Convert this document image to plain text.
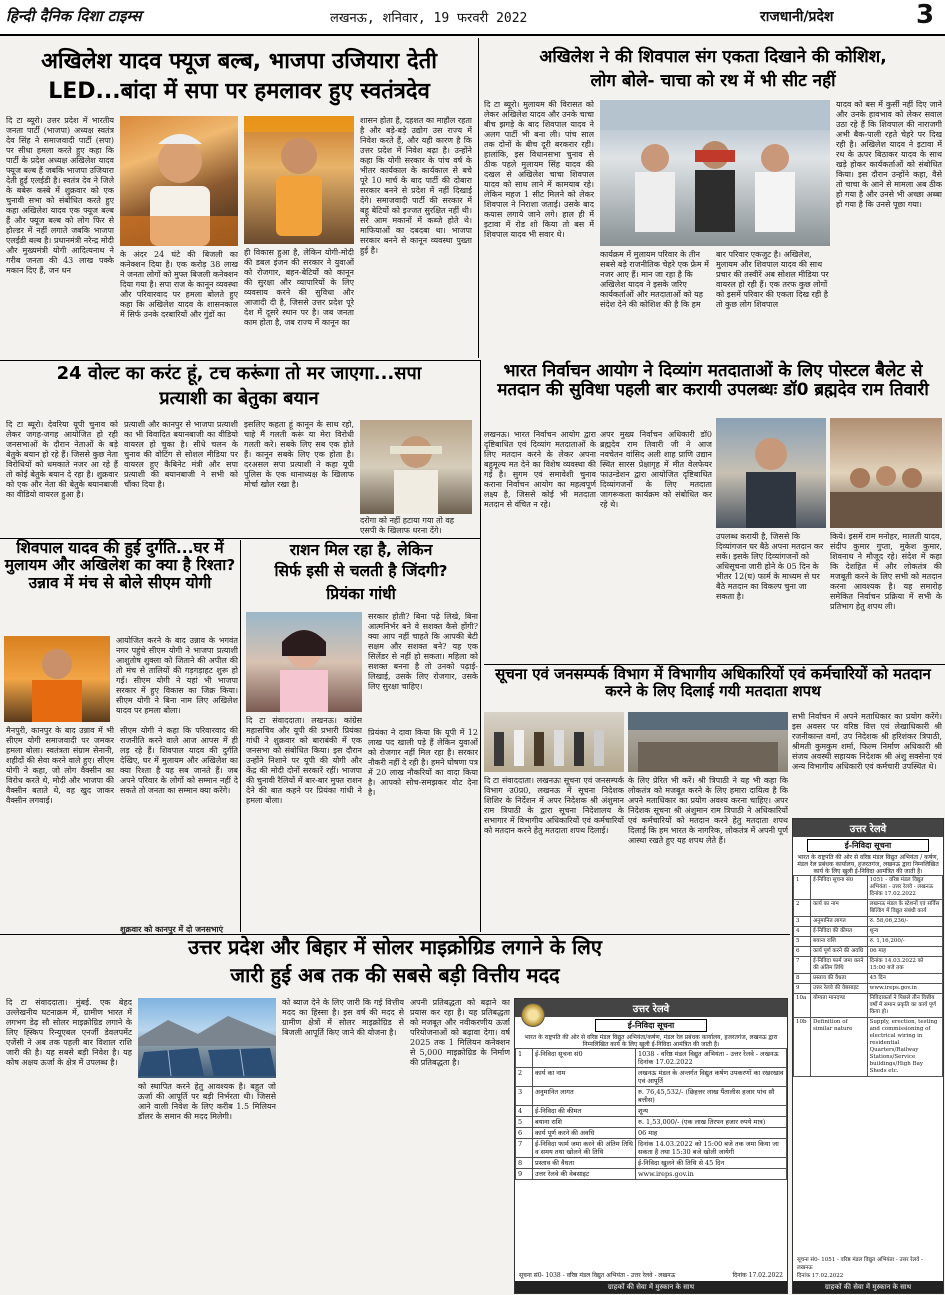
हिन्दी दैनिक दिशा टाइम्स	लखनऊ, शनिवार, 19 फरवरी 2022	राजधानी/प्रदेश	3
अखिलेश यादव फ्यूज बल्ब, भाजपा उजियारा देती
LED...बांदा में सपा पर हमलावर हुए स्वतंत्रदेव
दि टा ब्यूरो। उत्तर प्रदेश में भारतीय जनता पार्टी (भाजपा) अध्यक्ष स्वतंत्र देव सिंह ने समाजवादी पार्टी (सपा) पर सीधा हमला करते हुए कहा कि पार्टी के प्रदेश अध्यक्ष अखिलेश यादव फ्यूज बल्ब हैं जबकि भाजपा उजियारा देती हुई एलईडी है। स्वतंत्र देव ने जिले के बबेरू कस्बे में शुक्रवार को एक चुनावी सभा को संबोधित करते हुए कहा अखिलेश यादव एक फ्यूज बल्ब हैं और फ्यूज बल्ब को लोग फिर से होल्डर में नहीं लगाते जबकि भाजपा एलईडी बल्ब है। प्रधानमंत्री नरेन्द्र मोदी और मुख्यमंत्री योगी आदित्यनाथ ने गरीब जनता की 43 लाख पक्के मकान दिए हैं, जन धन
के अंदर 24 घंटे की बिजली का कनेक्शन दिया है। एक करोड़ 38 लाख ने जनता लोगों को मुफ्त बिजली कनेक्शन दिया गया है। सपा राज के कानून व्यवस्था और परिवारवाद पर हमला बोलते हुए कहा कि अखिलेश यादव के शासनकाल में सिर्फ उनके दरबारियों और गुंडों का
ही विकास हुआ है, लेकिन योगी-मोदी की डबल इंजन की सरकार ने युवाओं को रोजगार, बहन-बेटियों को कानून की सुरक्षा और व्यापारियों के लिए व्यवसाय करने की सुविधा और आजादी दी है, जिससे उत्तर प्रदेश पूरे देश में दूसरे स्थान पर है। जब जनता काम होता है, जब राज्य में कानून का
शासन होता है, दहशत का माहौल रहता है और बड़े-बड़े उद्योग उस राज्य में निवेश करते हैं, और यही कारण है कि उत्तर प्रदेश में निवेश बढ़ा है। उन्होंने कहा कि योगी सरकार के पांच वर्ष के भीतर कार्यकाल के कार्यकाल से बचे पूरे 10 मार्च के बाद पार्टी की दोबारा सरकार बनने से प्रदेश में नहीं दिखाई देंगे। समाजवादी पार्टी की सरकार में बहू बेटियों को इज्जत सुरक्षित नहीं थी। सरे आम मकानों में कब्जे होते थे। माफियाओं का दबदबा था। भाजपा सरकार बनने से कानून व्यवस्था पुख्ता हुई है।
अखिलेश ने की शिवपाल संग एकता दिखाने की कोशिश,
लोग बोले- चाचा को रथ में भी सीट नहीं
दि टा ब्यूरो। मुलायम की विरासत को लेकर अखिलेश यादव और उनके चाचा बीच झगड़े के बाद शिवपाल यादव ने अलग पार्टी भी बना ली। पांच साल तक दोनों के बीच दूरी बरकरार रही। हालांकि, इस विधानसभा चुनाव से ठीक पहले मुलायम सिंह यादव की दखल से अखिलेश चाचा शिवपाल यादव को साथ लाने में कामयाब रहे। लेकिन महज 1 सीट मिलने को लेकर शिवपाल ने निराशा जताई। उसके बाद कयास लगाये जाने लगे। हाल ही में इटावा में रोड शो किया तो बस में शिवपाल यादव भी सवार थे।
कार्यक्रम में मुलायम परिवार के तीन सबसे बड़े राजनीतिक चेहरे एक फ्रेम में नजर आए हैं। मान जा रहा है कि अखिलेश यादव ने इसके जरिए कार्यकर्ताओं और मतदाताओं को यह संदेश देने की कोशिश की है कि हम
बार परिवार एकजुट है। अखिलेश, मुलायम और शिवपाल यादव की साथ प्रचार की तस्वीरें अब सोशल मीडिया पर वायरल हो रही हैं। एक तरफ कुछ लोगों को इसमें परिवार की एकता दिख रही है तो कुछ लोग शिवपाल
यादव को बस में कुर्सी नहीं दिए जाने और उनके हावभाव को लेकर सवाल उठा रहे हैं कि शिवपाल की नाराजगी अभी बैक-पाली रहते चेहरे पर दिख रही है। अखिलेश यादव ने इटावा में रथ के ऊपर बिठाकर यादव के साथ खड़े होकर कार्यकर्ताओं को संबोधित किया। इस दौरान उन्होंने कहा, वैसे तो चाचा के आने से मामला अब ठीक हो गया है और उनसे भी अच्छा अब्बा हो गया है कि उनसे पूछा गया।
24 वोल्ट का करंट हूं, टच करूंगा तो मर जाएगा...सपा
प्रत्याशी का बेतुका बयान
दि टा ब्यूरो। देवरिया यूपी चुनाव को लेकर जगह-जगह आयोजित हो रही जनसभाओं के दौरान नेताओं के बड़े बेतुके बयान हो रहे हैं। जिससे कुछ नेता विरोधियों को धमकाते नजर आ रहे हैं तो कोई बेतुके बयान दे रहा है। शुक्रवार को एक और नेता की बेतुके बयानबाजी का वीडियो वायरल हुआ है।
प्रत्याशी और कानपुर से भाजपा प्रत्याशी का भी विवादित बयानबाजी का वीडियो वायरल हो चुका है। सीधे चलन के चुनाव की वोटिंग से सोशल मीडिया पर वायरल हुए कैबिनेट मंत्री और सपा प्रत्याशी की बयानबाजी ने सभी को चौंका दिया है।
इसलिए कहता हूं कानून के साथ रहो, चाहे मैं गलती करूं या मेरा विरोधी गलती करे। सबके लिए सब एक होते हैं। कानून सबके लिए एक होता है। दरअसल सपा प्रत्याशी ने कहा यूपी पुलिस के एक थानाध्यक्ष के खिलाफ मोर्चा खोल रखा है।
दरोगा को नहीं हटाया गया तो वह एसपी के खिलाफ धरना देंगे।
शिवपाल यादव की हुई दुर्गति...घर में मुलायम और अखिलेश का क्या है रिश्ता? उन्नाव में मंच से बोले सीएम योगी
आयोजित करने के बाद उन्नाव के भगवंत नगर पहुंचे सीएम योगी ने भाजपा प्रत्याशी आशुतोष शुक्ला को जिताने की अपील की तो मंच से तालियों की गड़गड़ाहट शुरू हो गई। सीएम योगी ने यहां भी भाजपा सरकार में हुए विकास का जिक्र किया। सीएम योगी ने बिना नाम लिए अखिलेश यादव पर हमला बोला।
मैनपुरी, कानपुर के बाद उन्नाव में भी सीएम योगी समाजवादी पर जमकर हमला बोला। स्वतंत्रता संग्राम सेनानी, शहीदों की सेवा करने वाले हुए। सीएम योगी ने कहा, जो लोग वैक्सीन का विरोध करते थे, मोदी और भाजपा की वैक्सीन बताते थे, वह खुद जाकर वैक्सीन लगवाई।
सीएम योगी ने कहा कि परिवारवाद की राजनीति करने वाले आज आपस में ही लड़ रहे हैं। शिवपाल यादव की दुर्गति देखिए, घर में मुलायम और अखिलेश का क्या रिश्ता है यह सब जानते हैं। जब अपने परिवार के लोगों को सम्मान नहीं दे सकते तो जनता का सम्मान क्या करेंगे।
शुक्रवार को कानपुर में दो जनसभाएं
राशन मिल रहा है, लेकिन
सिर्फ इसी से चलती है जिंदगी?
प्रियंका गांधी
सरकार होती? बिना पढ़े लिखे, बिना आत्मनिर्भर बने वे सशक्त कैसे होंगी? क्या आप नहीं चाहते कि आपकी बेटी सक्षम और सशक्त बने? यह एक सिलेंडर से नहीं हो सकता। महिला को सशक्त बनना है तो उनको पढ़ाई-लिखाई, उसके लिए रोजगार, उसके लिए सुरक्षा चाहिए।
दि टा संवाददाता। लखनऊ। कांग्रेस महासचिव और यूपी की प्रभारी प्रियंका गांधी ने शुक्रवार को बाराबंकी में एक जनसभा को संबोधित किया। इस दौरान उन्होंने निशाने पर यूपी की योगी और केंद्र की मोदी दोनों सरकारें रहीं। भाजपा की चुनावी रैलियों में बार-बार मुफ्त राशन देने की बात कहने पर प्रियंका गांधी ने हमला बोला।
प्रियंका ने दावा किया कि यूपी में 12 लाख पद खाली पड़े हैं लेकिन युवाओं को रोजगार नहीं मिल रहा है। सरकार नौकरी नहीं दे रही है। हमने घोषणा पत्र में 20 लाख नौकरियों का वादा किया है। आपको सोच-समझकर वोट देना है।
भारत निर्वाचन आयोग ने दिव्यांग मतदाताओं के लिए पोस्टल बैलेट से मतदान की सुविधा पहली बार करायी उपलब्धः डॉ0 ब्रह्मदेव राम तिवारी
लखनऊ। भारत निर्वाचन आयोग द्वारा दृष्टिबाधित एवं दिव्यांग मतदाताओं के लिए मतदान करने के लेकर अपना बहुमूल्य मत देने का विशेष व्यवस्था की गई है। सुगम एवं समावेशी चुनाव कराना निर्वाचन आयोग का महत्वपूर्ण लक्ष्य है, जिससे कोई भी मतदाता मतदान से वंचित न रहे।
अपर मुख्य निर्वाचन अधिकारी डॉ0 ब्रह्मदेव राम तिवारी जी ने आज नवचेतन वांसिद अली शाह प्राणि उद्यान स्थित सारस प्रेक्षागृह में मीत वेलफेयर फाउन्डेशन द्वारा आयोजित दृष्टिबाधित दिव्यांगजनों के लिए मतदाता जागरूकता कार्यक्रम को संबोधित कर रहे थे।
उपलब्ध करायी है, जिससे कि दिव्यांगजन घर बैठे अपना मतदान कर सकें। इसके लिए दिव्यांगजनों को अधिसूचना जारी होने के 05 दिन के भीतर 12(घ) फार्म के माध्यम से घर बैठे मतदान का विकल्प चुना जा सकता है।
किये। इसमें राम मनोहर, मालती यादव, संदीप कुमार गुप्ता, मुकेश कुमार, शिवनाथ ने मौजूद रहे। संदेश में कहा कि देशहित में और लोकतंत्र की मजबूती करने के लिए सभी को मतदान करना आवश्यक है। यह समारोह समेकित निर्वाचन प्रक्रिया में सभी के प्रतिभाग हेतु शपथ ली।
सूचना एवं जनसम्पर्क विभाग में विभागीय अधिकारियों एवं कर्मचारियों को मतदान करने के लिए दिलाई गयी मतदाता शपथ
दि टा संवाददाता। लखनऊः सूचना एवं जनसम्पर्क विभाग उ0प्र0, लखनऊ में सूचना निदेशक शिशिर के निर्देशन में अपर निदेशक श्री अंशुमान राम त्रिपाठी के द्वारा सूचना निदेशालय के सभागार में विभागीय अधिकारियों एवं कर्मचारियों को मतदान करने हेतु मतदाता शपथ दिलाई।
के लिए प्रेरित भी करें। श्री त्रिपाठी ने यह भी कहा कि लोकतंत्र को मजबूत करने के लिए हमारा दायित्व है कि अपने मताधिकार का प्रयोग अवश्य करना चाहिए। अपर निदेशक सूचना श्री अंशुमान राम त्रिपाठी ने अधिकारियों एवं कर्मचारियों को मतदान करने हेतु मतदाता शपथ दिलाई कि हम भारत के नागरिक, लोकतंत्र में अपनी पूर्ण आस्था रखते हुए यह शपथ लेते हैं।
सभी निर्वाचन में अपने मताधिकार का प्रयोग करेंगे। इस अवसर पर वरिष्ठ वित्त एवं लेखाधिकारी श्री रजनीकान्त वर्मा, उप निदेशक श्री हरिशंकर त्रिपाठी, श्रीमती कुमकुम शर्मा, फिल्म निर्माण अधिकारी श्री संजय अवस्थी सहायक निदेशक श्री अंशु सक्सेना एवं अन्य विभागीय अधिकारी एवं कर्मचारी उपस्थित थे।
उत्तर रेलवे
ई-निविदा सूचना
भारत के राष्ट्रपति की ओर से वरिष्ठ मंडल विद्युत अभियंता / कर्षण, मंडल रेल प्रबंधक कार्यालय, हजरतगंज, लखनऊ द्वारा निम्नलिखित कार्य के लिए खुली ई-निविदा आमंत्रित की जाती है।
1	ई-निविदा सूचना सं0	1051 - वरिष्ठ मंडल विद्युत अभियंता - उत्तर रेलवे - लखनऊ दिनांक 17.02.2022
2	कार्य का नाम	लखनऊ मंडल के स्टेशनों एवं सर्विस बिल्डिंग में विद्युत संबंधी कार्य
3	अनुमानित लागत	रु. 58,06,236/-
4	ई-निविदा की कीमत	शून्य
5	बयाना राशि	रु. 1,16,200/-
6	कार्य पूर्ण करने की अवधि	06 माह
7	ई-निविदा फार्म जमा करने की अंतिम तिथि	दिनांक 14.03.2022 को 15:00 बजे तक
8	प्रस्ताव की वैधता	45 दिन
9	उत्तर रेलवे की वेबसाइट	www.ireps.gov.in
10a	योग्यता मानदण्ड	निविदाकर्ता ने पिछले तीन वित्तीय वर्षों में समान प्रकृति का कार्य पूर्ण किया हो।
10b	Definition of similar nature	Supply, erection, testing and commissioning of electrical wiring in residential Quarters/Railway Stations/Service buildings/High Bay Sheds etc.
सूचना सं0- 1051 - वरिष्ठ मंडल विद्युत अभियंता - उत्तर रेलवे - लखनऊ
दिनांक 17.02.2022
ग्राहकों की सेवा में मुस्कान के साथ
उत्तर प्रदेश और बिहार में सोलर माइक्रोग्रिड लगाने के लिए
जारी हुई अब तक की सबसे बड़ी वित्तीय मदद
दि टा संवाददाता। मुंबई. एक बेहद उल्लेखनीय घटनाक्रम में, ग्रामीण भारत में लगभग डेढ़ सौ सोलर माइक्रोग्रिड लगाने के लिए ह्स्किप रिन्यूएबल एनर्जी डेवलपमेंट एजेंसी ने अब तक पहली बार विशाल राशि जारी की है। यह सबसे बड़ी निवेश है। यह कोष अक्षय ऊर्जा के क्षेत्र में उपलब्ध है।
को स्थापित करने हेतु आवश्यक है। बहुत जो ऊर्जा की आपूर्ति पर बड़ी निर्भरता थी। जिससे आने वाली निवेश के लिए करीब 1.5 मिलियन डॉलर के समान की मदद मिलेगी।
को ब्याज देने के लिए जारी कि गई वित्तीय मदद का हिस्सा है। इस वर्ष की मदद से ग्रामीण क्षेत्रों में सोलर माइक्रोग्रिड से बिजली आपूर्ति किए जाने की योजना है।
अपनी प्रतिबद्धता को बढ़ाने का प्रयास कर रहा है। यह प्रतिबद्धता को मजबूत और नवीकरणीय ऊर्जा परियोजनाओं को बढ़ावा देगा। वर्ष 2025 तक 1 मिलियन कनेक्शन से 5,000 माइक्रोग्रिड के निर्माण की प्रतिबद्धता है।
उत्तर रेलवे
ई-निविदा सूचना
भारत के राष्ट्रपति की ओर से वरिष्ठ मंडल विद्युत अभियंता/कर्षण, मंडल रेल प्रबंधक कार्यालय, हजरतगंज, लखनऊ द्वारा निम्नलिखित कार्य के लिए खुली ई-निविदा आमंत्रित की जाती है।
1	ई-निविदा सूचना सं0	1038 - वरिष्ठ मंडल विद्युत अभियंता - उत्तर रेलवे - लखनऊ दिनांक 17.02.2022
2	कार्य का नाम	लखनऊ मंडल के अन्तर्गत विद्युत कर्षण उपकरणों का रखरखाव एवं आपूर्ति
3	अनुमानित लागत	रु. 76,45,532/- (छिहत्तर लाख पैंतालीस हजार पांच सौ बत्तीस)
4	ई-निविदा की कीमत	शून्य
5	बयाना राशि	रु. 1,53,000/- (एक लाख तिरपन हजार रुपये मात्र)
6	कार्य पूर्ण करने की अवधि	06 माह
7	ई-निविदा फार्म जमा करने की अंतिम तिथि व समय तथा खोलने की तिथि	दिनांक 14.03.2022 को 15:00 बजे तक जमा किया जा सकता है तथा 15:30 बजे खोली जायेगी
8	प्रस्ताव की वैधता	ई-निविदा खुलने की तिथि से 45 दिन
9	उत्तर रेलवे की वेबसाइट	www.ireps.gov.in
सूचना सं0- 1038 - वरिष्ठ मंडल विद्युत अभियंता - उत्तर रेलवे - लखनऊ	दिनांक 17.02.2022
ग्राहकों की सेवा में मुस्कान के साथ
